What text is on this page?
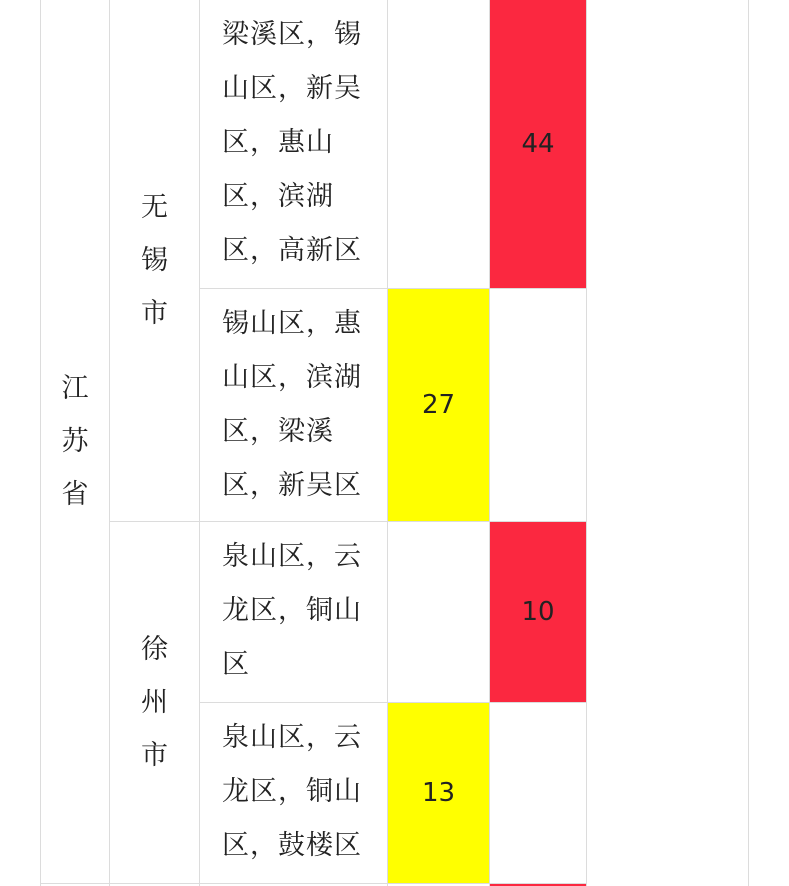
江
苏
省
无
锡
市
徐
州
市
梁溪区，锡山区，新吴区，惠山区，滨湖区，高新区
44
锡山区，惠山区，滨湖区，梁溪区，新吴区
27
泉山区，云龙区，铜山区
10
泉山区，云龙区，铜山区，鼓楼区
13
